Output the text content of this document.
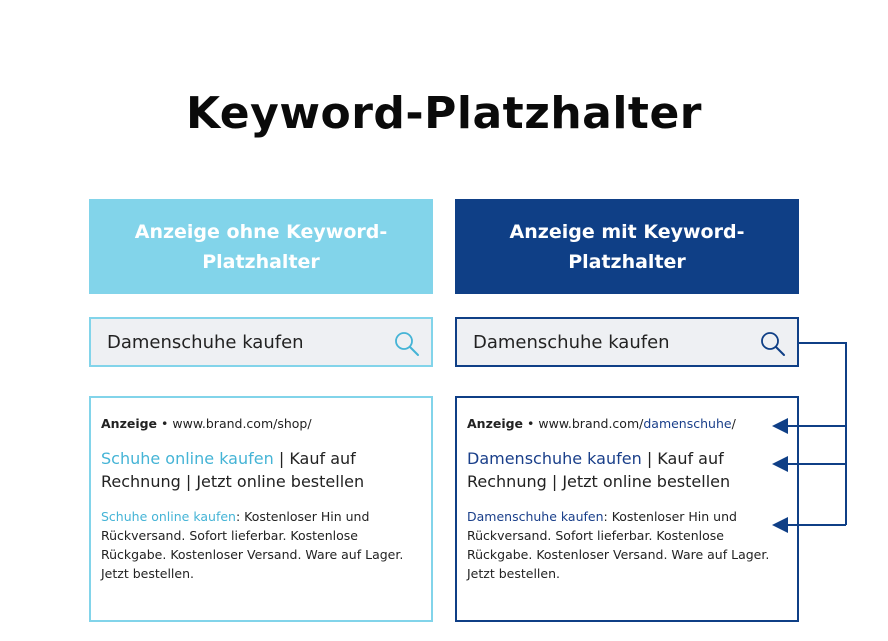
Keyword-Platzhalter
Anzeige ohne Keyword-Platzhalter
Damenschuhe kaufen
Anzeige • www.brand.com/shop/
Schuhe online kaufen | Kauf auf Rechnung | Jetzt online bestellen
Schuhe online kaufen: Kostenloser Hin und Rückversand. Sofort lieferbar. Kostenlose Rückgabe. Kostenloser Versand. Ware auf Lager. Jetzt bestellen.
Anzeige mit Keyword-Platzhalter
Damenschuhe kaufen
Anzeige • www.brand.com/damenschuhe/
Damenschuhe kaufen | Kauf auf Rechnung | Jetzt online bestellen
Damenschuhe kaufen: Kostenloser Hin und Rückversand. Sofort lieferbar. Kostenlose Rückgabe. Kostenloser Versand. Ware auf Lager. Jetzt bestellen.
